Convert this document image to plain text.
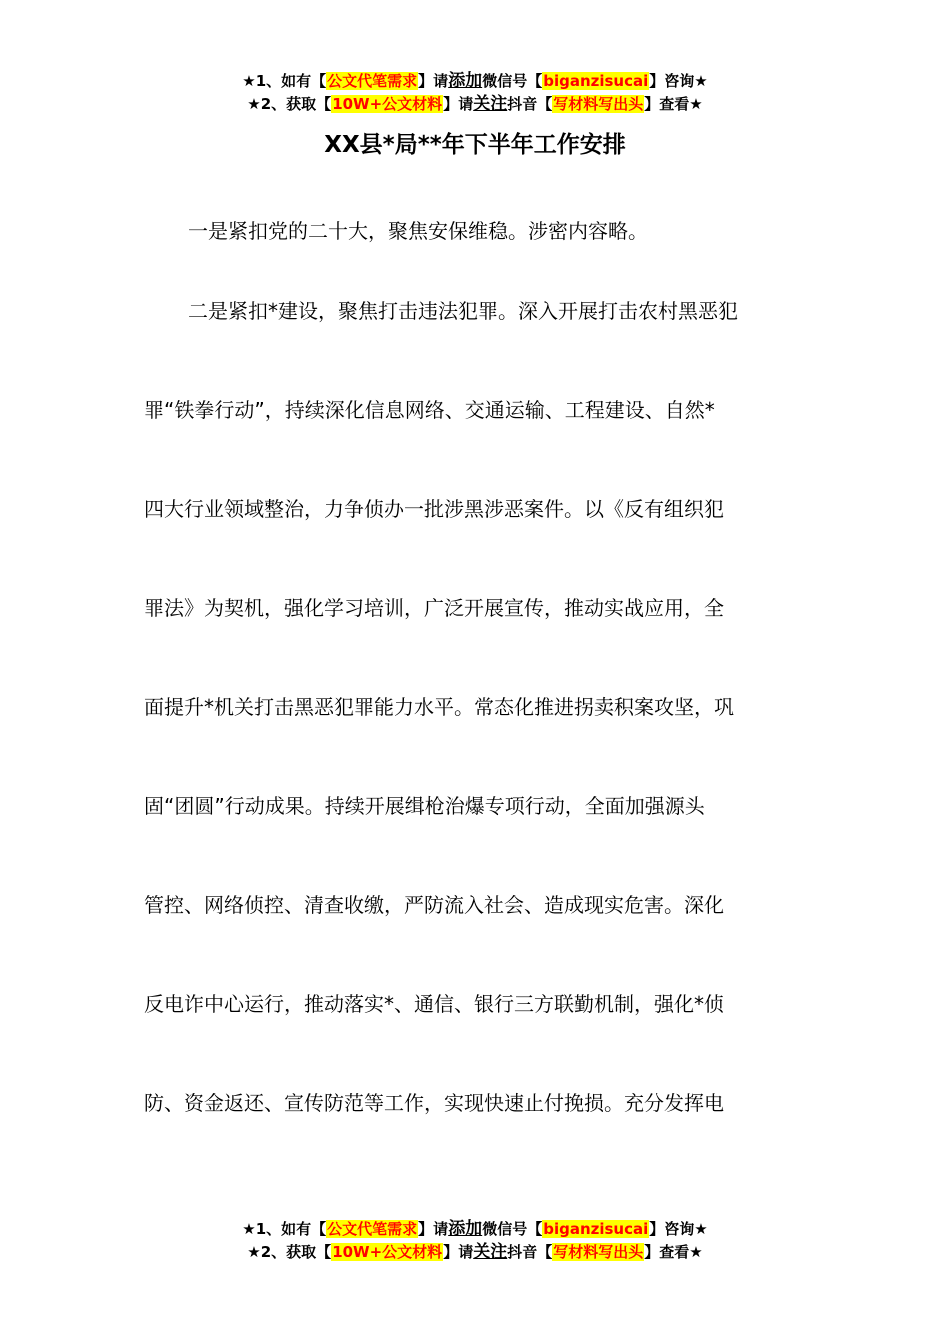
★1、如有【公文代笔需求】请添加微信号【biganzisucai】咨询★
★2、获取【10W+公文材料】请关注抖音【写材料写出头】查看★
XX县*局**年下半年工作安排

一是紧扣党的二十大，聚焦安保维稳。涉密内容略。

二是紧扣*建设，聚焦打击违法犯罪。深入开展打击农村黑恶犯
罪“铁拳行动”，持续深化信息网络、交通运输、工程建设、自然*
四大行业领域整治，力争侦办一批涉黑涉恶案件。以《反有组织犯
罪法》为契机，强化学习培训，广泛开展宣传，推动实战应用，全
面提升*机关打击黑恶犯罪能力水平。常态化推进拐卖积案攻坚，巩
固“团圆”行动成果。持续开展缉枪治爆专项行动，全面加强源头
管控、网络侦控、清查收缴，严防流入社会、造成现实危害。深化
反电诈中心运行，推动落实*、通信、银行三方联勤机制，强化*侦
防、资金返还、宣传防范等工作，实现快速止付挽损。充分发挥电
★1、如有【公文代笔需求】请添加微信号【biganzisucai】咨询★
★2、获取【10W+公文材料】请关注抖音【写材料写出头】查看★
